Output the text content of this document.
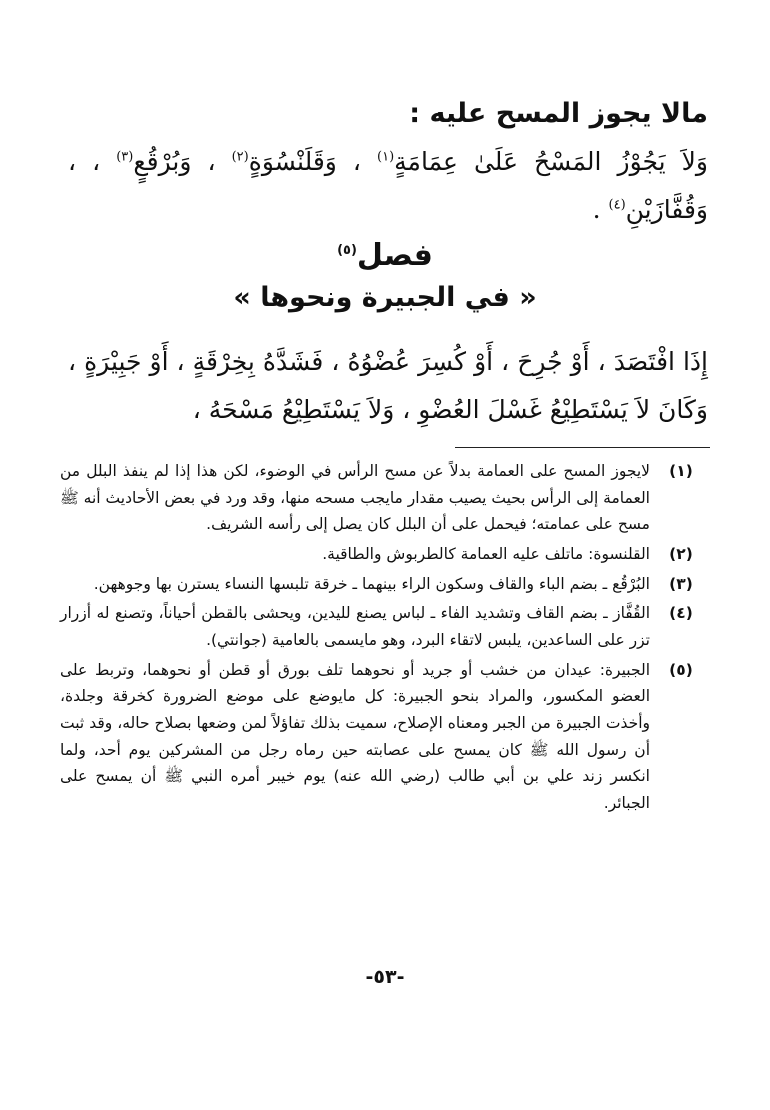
مالا يجوز المسح عليه :

وَلاَ يَجُوْزُ المَسْحُ عَلَىٰ عِمَامَةٍ$^{(١)}$ ، وَقَلَنْسُوَةٍ$^{(٢)}$ ، وَبُرْقُعٍ$^{(٣)}$ ، ، وَقُفَّازَيْنِ$^{(٤)}$ .

فصل$^{(٥)}$
« في الجبيرة ونحوها »

إِذَا افْتَصَدَ ، أَوْ جُرِحَ ، أَوْ كُسِرَ عُضْوُهُ ، فَشَدَّهُ بِخِرْقَةٍ ، أَوْ جَبِيْرَةٍ ، وَكَانَ لاَ يَسْتَطِيْعُ غَسْلَ العُضْوِ ، وَلاَ يَسْتَطِيْعُ مَسْحَهُ ،

(١)
لايجوز المسح على العمامة بدلاً عن مسح الرأس في الوضوء، لكن هذا إذا لم ينفذ البلل من العمامة إلى الرأس بحيث يصيب مقدار مايجب مسحه منها، وقد ورد في بعض الأحاديث أنه ﷺ مسح على عمامته؛ فيحمل على أن البلل كان يصل إلى رأسه الشريف.
(٢)
القلنسوة: ماتلف عليه العمامة كالطربوش والطاقية.
(٣)
البُرْقُع ـ بضم الباء والقاف وسكون الراء بينهما ـ خرقة تلبسها النساء يسترن بها وجوههن.
(٤)
القُفَّاز ـ بضم القاف وتشديد الفاء ـ لباس يصنع لليدين، ويحشى بالقطن أحياناً، وتصنع له أزرار تزر على الساعدين، يلبس لاتقاء البرد، وهو مايسمى بالعامية (جوانتي).
(٥)
الجبيرة: عيدان من خشب أو جريد أو نحوهما تلف بورق أو قطن أو نحوهما، وتربط على العضو المكسور، والمراد بنحو الجبيرة: كل مايوضع على موضع الضرورة كخرقة وجلدة، وأخذت الجبيرة من الجبر ومعناه الإصلاح، سميت بذلك تفاؤلاً لمن وضعها بصلاح حاله، وقد ثبت أن رسول الله ﷺ كان يمسح على عصابته حين رماه رجل من المشركين يوم أحد، ولما انكسر زند علي بن أبي طالب (رضي الله عنه) يوم خيبر أمره النبي ﷺ أن يمسح على الجبائر.
-٥٣-
